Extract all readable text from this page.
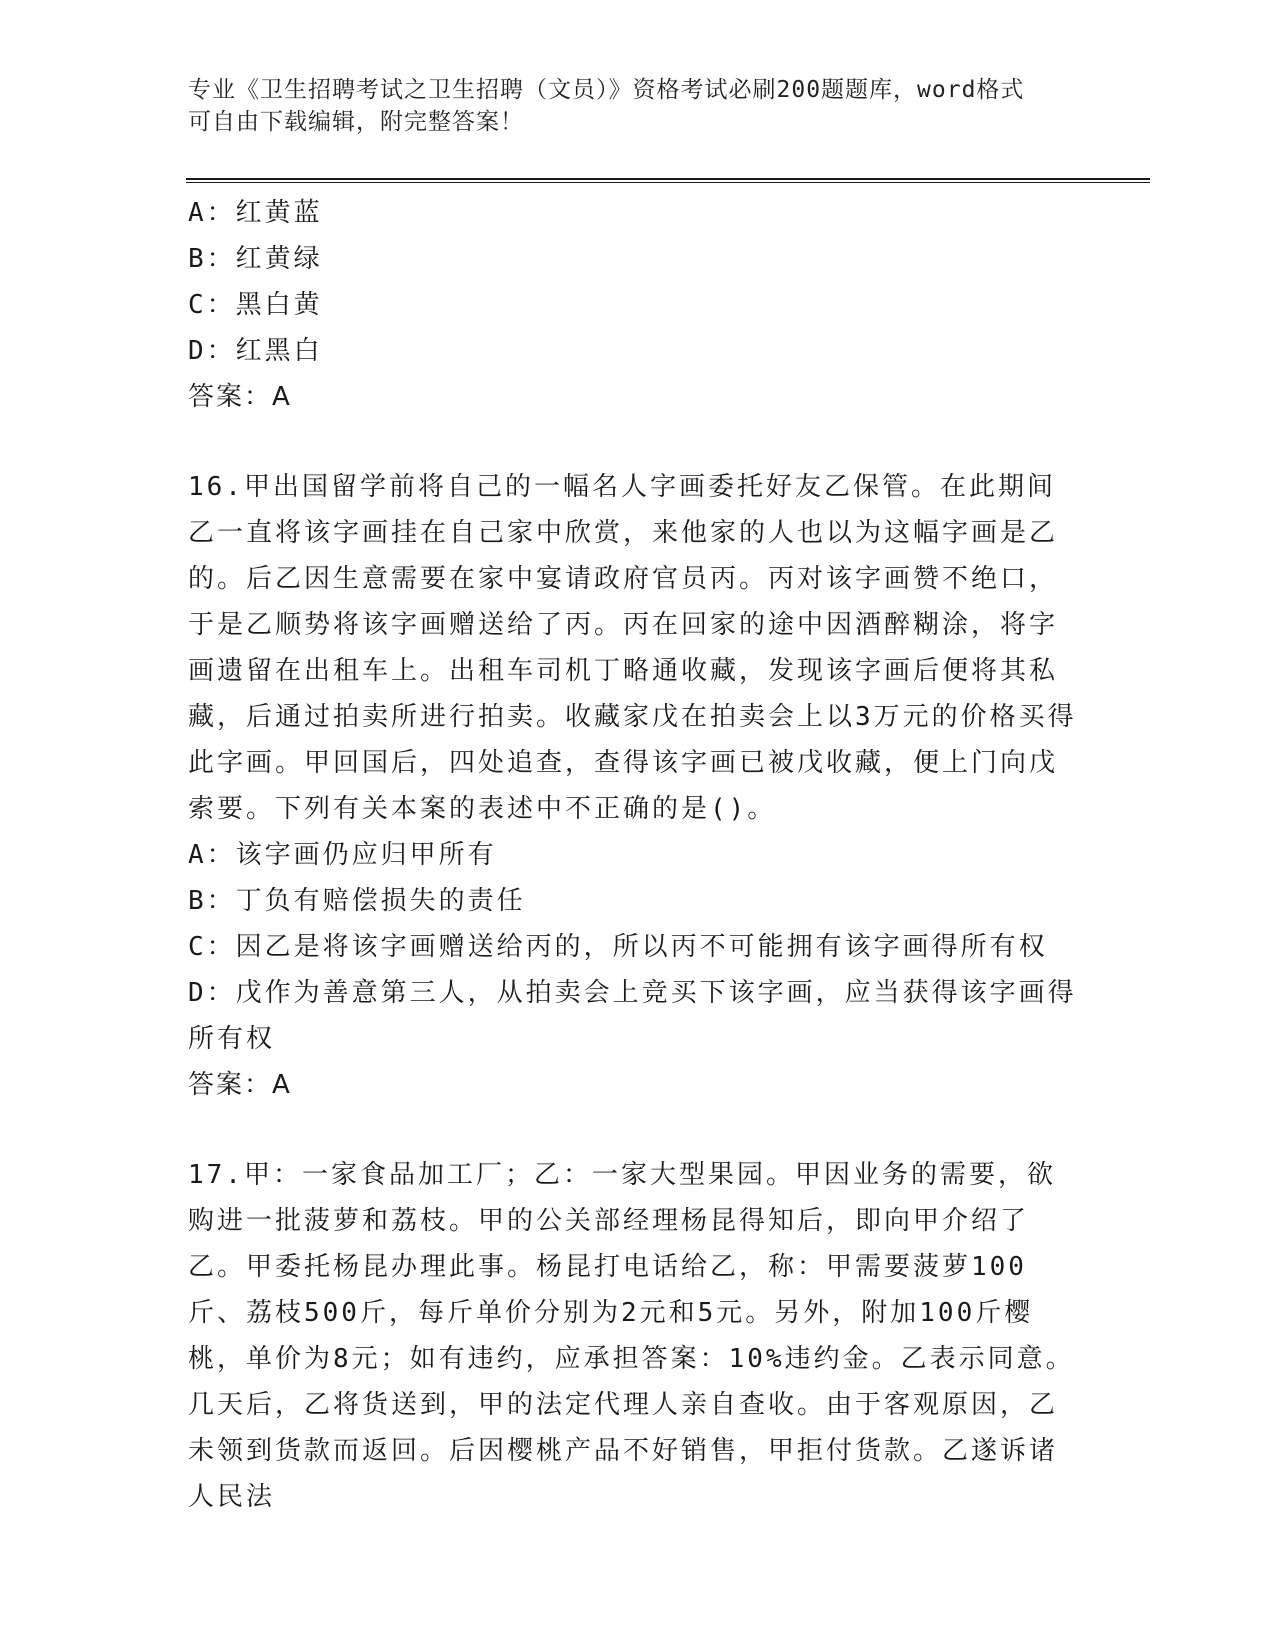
专业《卫生招聘考试之卫生招聘（文员）》资格考试必刷200题题库，word格式
可自由下载编辑，附完整答案！
A：红黄蓝
B：红黄绿
C：黑白黄
D：红黑白
答案：A
16.甲出国留学前将自己的一幅名人字画委托好友乙保管。在此期间乙一直将该字画挂在自己家中欣赏，来他家的人也以为这幅字画是乙的。后乙因生意需要在家中宴请政府官员丙。丙对该字画赞不绝口，于是乙顺势将该字画赠送给了丙。丙在回家的途中因酒醉糊涂，将字画遗留在出租车上。出租车司机丁略通收藏，发现该字画后便将其私藏，后通过拍卖所进行拍卖。收藏家戊在拍卖会上以3万元的价格买得此字画。甲回国后，四处追查，查得该字画已被戊收藏，便上门向戊索要。下列有关本案的表述中不正确的是()。
A：该字画仍应归甲所有
B：丁负有赔偿损失的责任
C：因乙是将该字画赠送给丙的，所以丙不可能拥有该字画得所有权
D：戊作为善意第三人，从拍卖会上竞买下该字画，应当获得该字画得所有权
答案：A
17.甲：一家食品加工厂；乙：一家大型果园。甲因业务的需要，欲购进一批菠萝和荔枝。甲的公关部经理杨昆得知后，即向甲介绍了乙。甲委托杨昆办理此事。杨昆打电话给乙，称：甲需要菠萝100斤、荔枝500斤，每斤单价分别为2元和5元。另外，附加100斤樱桃，单价为8元；如有违约，应承担答案：10%违约金。乙表示同意。几天后，乙将货送到，甲的法定代理人亲自查收。由于客观原因，乙未领到货款而返回。后因樱桃产品不好销售，甲拒付货款。乙遂诉诸人民法
